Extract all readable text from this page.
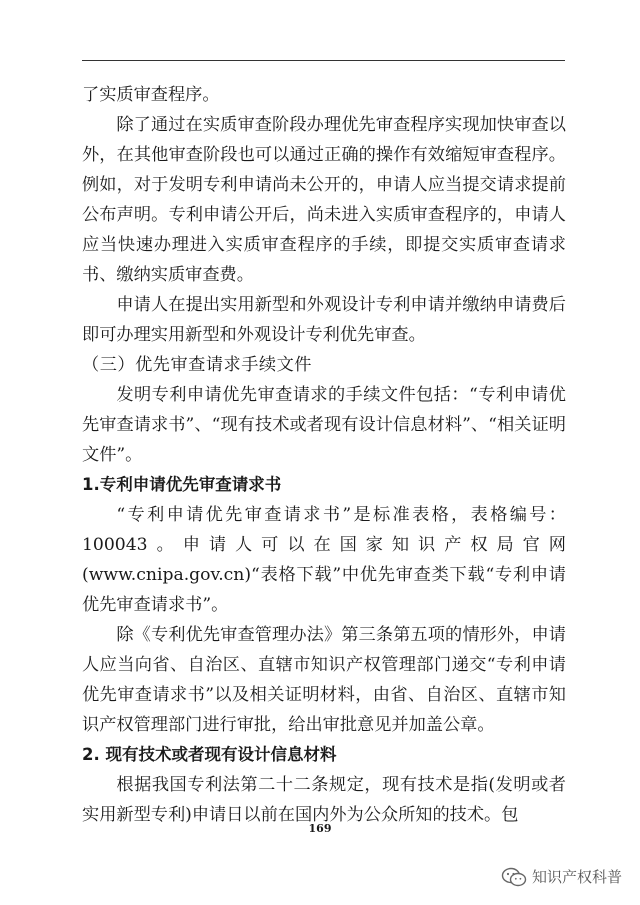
了实质审查程序。

除了通过在实质审查阶段办理优先审查程序实现加快审查以外，在其他审查阶段也可以通过正确的操作有效缩短审查程序。例如，对于发明专利申请尚未公开的，申请人应当提交请求提前公布声明。专利申请公开后，尚未进入实质审查程序的，申请人应当快速办理进入实质审查程序的手续，即提交实质审查请求书、缴纳实质审查费。

申请人在提出实用新型和外观设计专利申请并缴纳申请费后即可办理实用新型和外观设计专利优先审查。

（三）优先审查请求手续文件

发明专利申请优先审查请求的手续文件包括：“专利申请优先审查请求书”、“现有技术或者现有设计信息材料”、“相关证明文件”。

1.专利申请优先审查请求书

“专利申请优先审查请求书”是标准表格，表格编号：100043。申请人可以在国家知识产权局官网(www.cnipa.gov.cn)“表格下载”中优先审查类下载“专利申请优先审查请求书”。

除《专利优先审查管理办法》第三条第五项的情形外，申请人应当向省、自治区、直辖市知识产权管理部门递交“专利申请优先审查请求书”以及相关证明材料，由省、自治区、直辖市知识产权管理部门进行审批，给出审批意见并加盖公章。

2. 现有技术或者现有设计信息材料

根据我国专利法第二十二条规定，现有技术是指(发明或者实用新型专利)申请日以前在国内外为公众所知的技术。包

169
知识产权科普
